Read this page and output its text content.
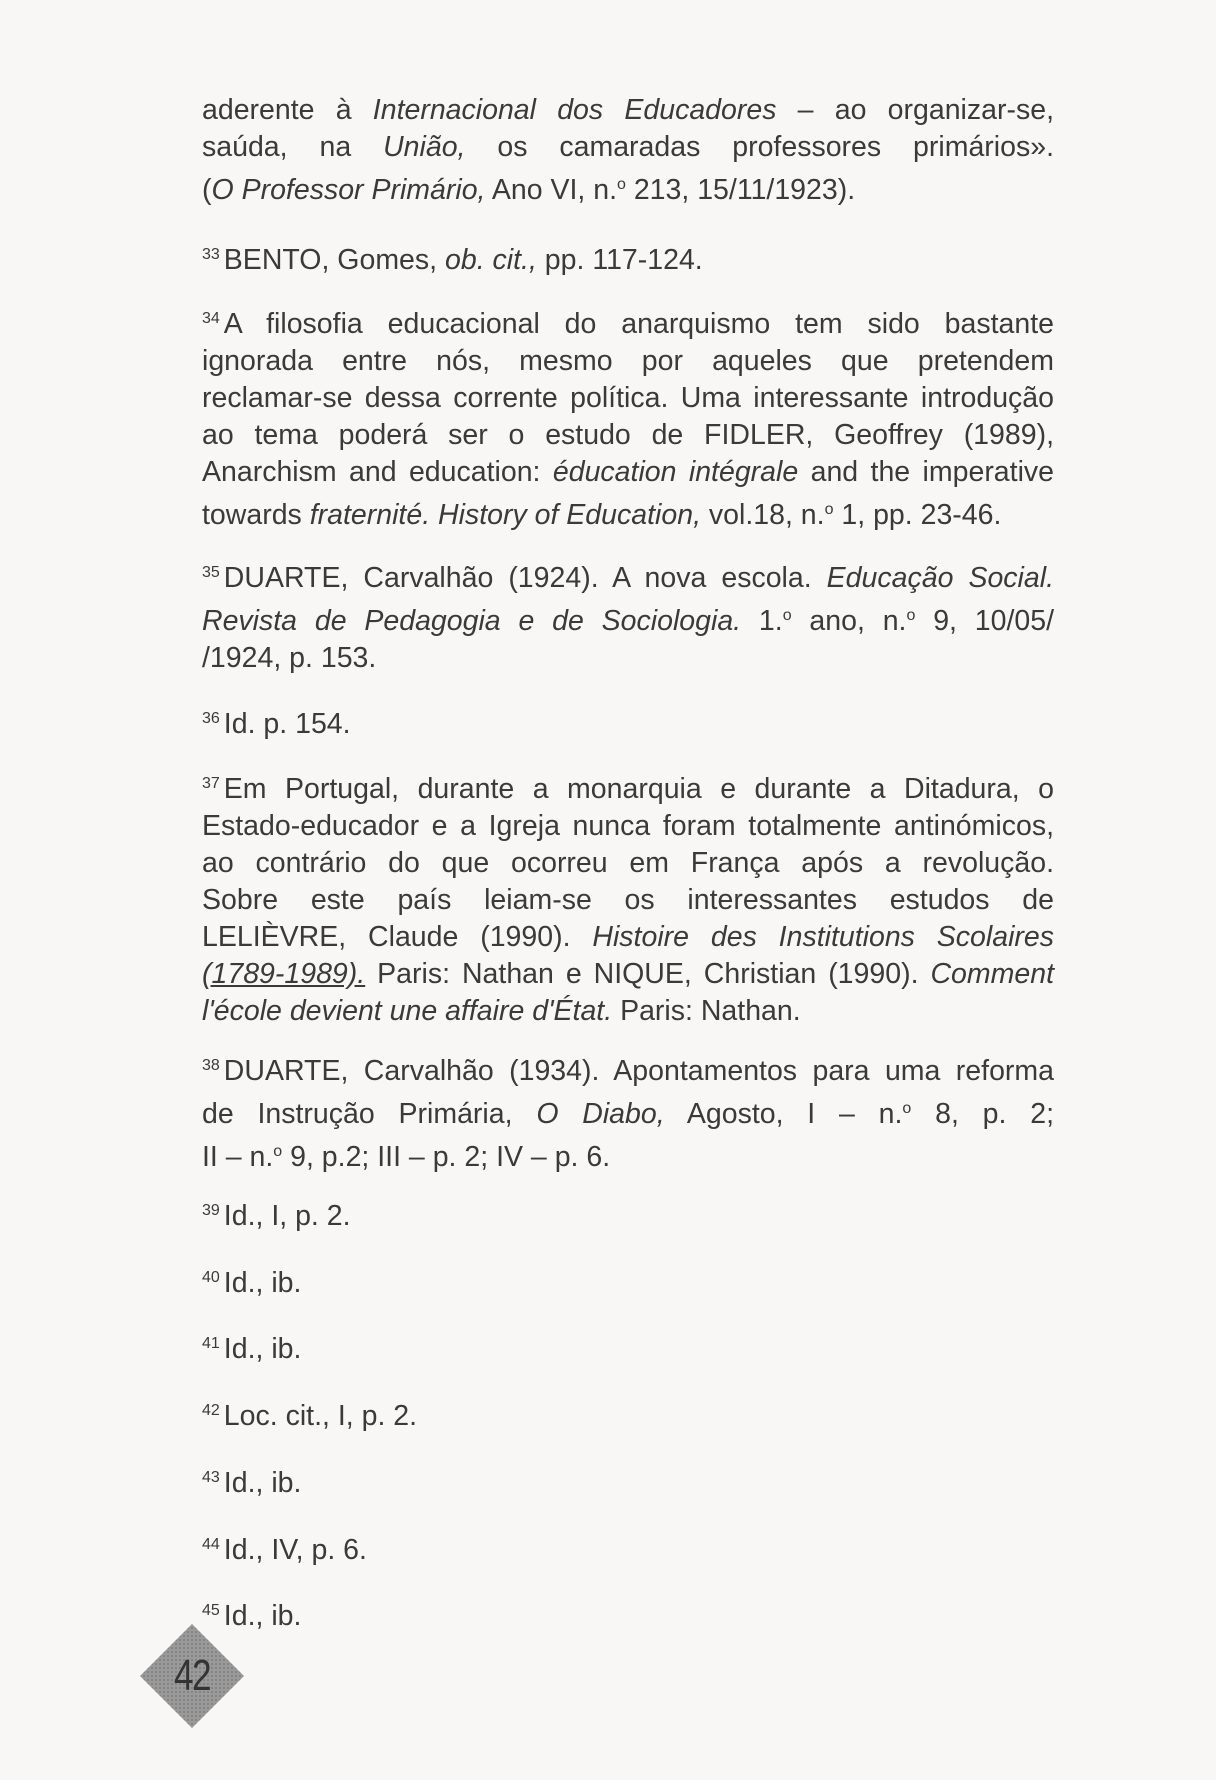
aderente à Internacional dos Educadores – ao organizar-se,
saúda, na União, os camaradas professores primários».
(O Professor Primário, Ano VI, n.$^o$ 213, 15/11/1923).

$^{33}$ BENTO, Gomes, ob. cit., pp. 117-124.

$^{34}$ A filosofia educacional do anarquismo tem sido bastante
ignorada entre nós, mesmo por aqueles que pretendem
reclamar-se dessa corrente política. Uma interessante introdução
ao tema poderá ser o estudo de FIDLER, Geoffrey (1989),
Anarchism and education: éducation intégrale and the imperative
towards fraternité. History of Education, vol.18, n.$^o$ 1, pp. 23-46.

$^{35}$ DUARTE, Carvalhão (1924). A nova escola. Educação Social.
Revista de Pedagogia e de Sociologia. 1.$^o$ ano, n.$^o$ 9, 10/05/
/1924, p. 153.

$^{36}$ Id. p. 154.

$^{37}$ Em Portugal, durante a monarquia e durante a Ditadura, o
Estado-educador e a Igreja nunca foram totalmente antinómicos,
ao contrário do que ocorreu em França após a revolução.
Sobre este país leiam-se os interessantes estudos de
LELIÈVRE, Claude (1990). Histoire des Institutions Scolaires
(1789-1989). Paris: Nathan e NIQUE, Christian (1990). Comment
l'école devient une affaire d'État. Paris: Nathan.

$^{38}$ DUARTE, Carvalhão (1934). Apontamentos para uma reforma
de Instrução Primária, O Diabo, Agosto, I – n.$^o$ 8, p. 2;
II – n.$^o$ 9, p.2; III – p. 2; IV – p. 6.

$^{39}$ Id., I, p. 2.

$^{40}$ Id., ib.

$^{41}$ Id., ib.

$^{42}$ Loc. cit., I, p. 2.

$^{43}$ Id., ib.

$^{44}$ Id., IV, p. 6.

$^{45}$ Id., ib.

42
